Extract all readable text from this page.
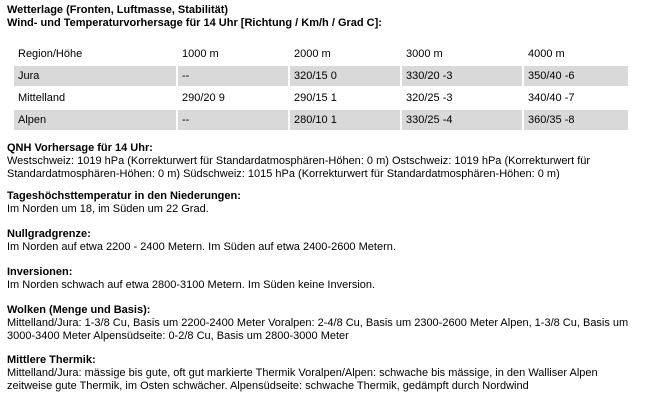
Wetterlage (Fronten, Luftmasse, Stabilität)
Wind- und Temperaturvorhersage für 14 Uhr [Richtung / Km/h / Grad C]:
Region/Höhe	1000 m	2000 m	3000 m	4000 m
Jura	--	320/15 0	330/20 -3	350/40 -6
Mittelland	290/20 9	290/15 1	320/25 -3	340/40 -7
Alpen	--	280/10 1	330/25 -4	360/35 -8
QNH Vorhersage für 14 Uhr:
Westschweiz: 1019 hPa (Korrekturwert für Standardatmosphären-Höhen: 0 m) Ostschweiz: 1019 hPa (Korrekturwert für Standardatmosphären-Höhen: 0 m) Südschweiz: 1015 hPa (Korrekturwert für Standardatmosphären-Höhen: 0 m)
Tageshöchsttemperatur in den Niederungen:
Im Norden um 18, im Süden um 22 Grad.
Nullgradgrenze:
Im Norden auf etwa 2200 - 2400 Metern. Im Süden auf etwa 2400-2600 Metern.
Inversionen:
Im Norden schwach auf etwa 2800-3100 Metern. Im Süden keine Inversion.
Wolken (Menge und Basis):
Mittelland/Jura: 1-3/8 Cu, Basis um 2200-2400 Meter Voralpen: 2-4/8 Cu, Basis um 2300-2600 Meter Alpen, 1-3/8 Cu, Basis um 3000-3400 Meter Alpensüdseite: 0-2/8 Cu, Basis um 2800-3000 Meter
Mittlere Thermik:
Mittelland/Jura: mässige bis gute, oft gut markierte Thermik Voralpen/Alpen: schwache bis mässige, in den Walliser Alpen zeitweise gute Thermik, im Osten schwächer. Alpensüdseite: schwache Thermik, gedämpft durch Nordwind
